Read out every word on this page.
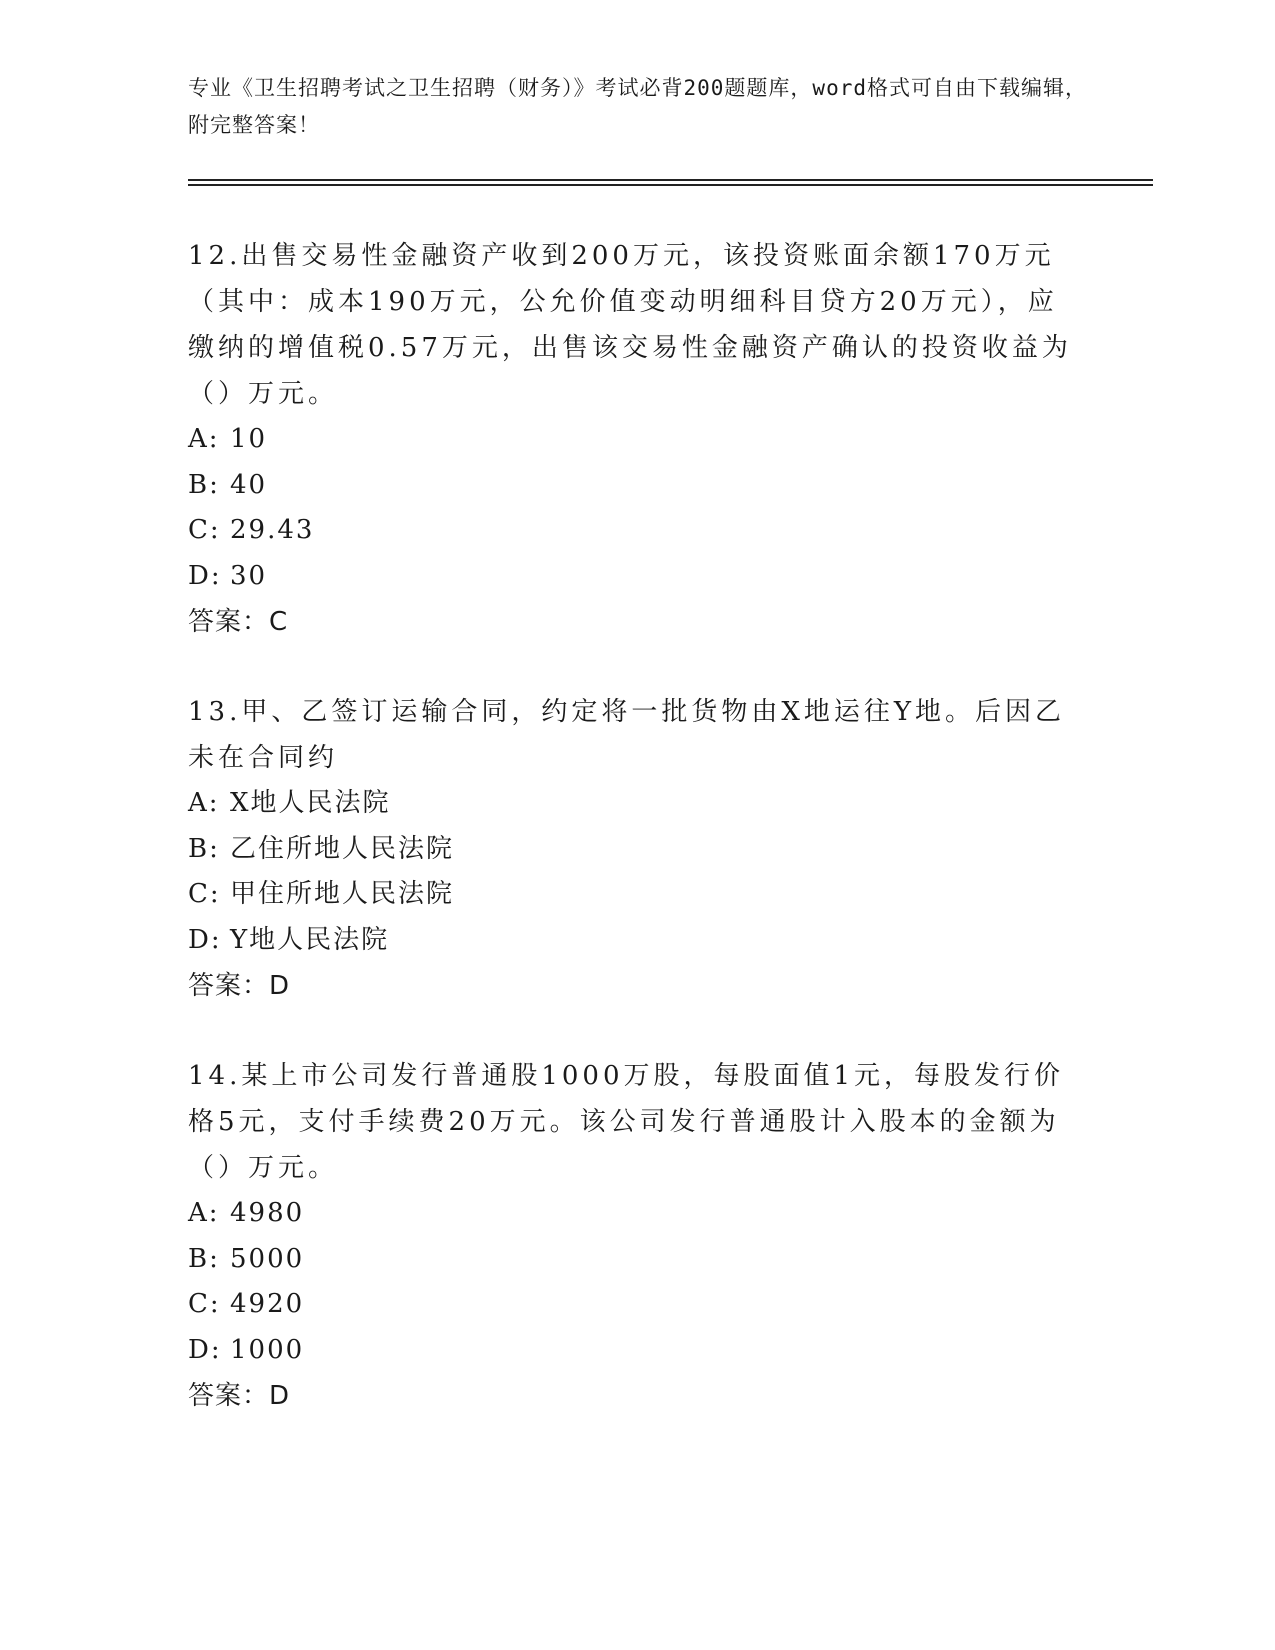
专业《卫生招聘考试之卫生招聘（财务）》考试必背200题题库，word格式可自由下载编辑，附完整答案！
12.出售交易性金融资产收到200万元，该投资账面余额170万元（其中：成本190万元，公允价值变动明细科目贷方20万元），应缴纳的增值税0.57万元，出售该交易性金融资产确认的投资收益为（）万元。
A: 10
B: 40
C: 29.43
D: 30
答案：C
13.甲、乙签订运输合同，约定将一批货物由X地运往Y地。后因乙未在合同约
A: X地人民法院
B: 乙住所地人民法院
C: 甲住所地人民法院
D: Y地人民法院
答案：D
14.某上市公司发行普通股1000万股，每股面值1元，每股发行价格5元，支付手续费20万元。该公司发行普通股计入股本的金额为（）万元。
A: 4980
B: 5000
C: 4920
D: 1000
答案：D
